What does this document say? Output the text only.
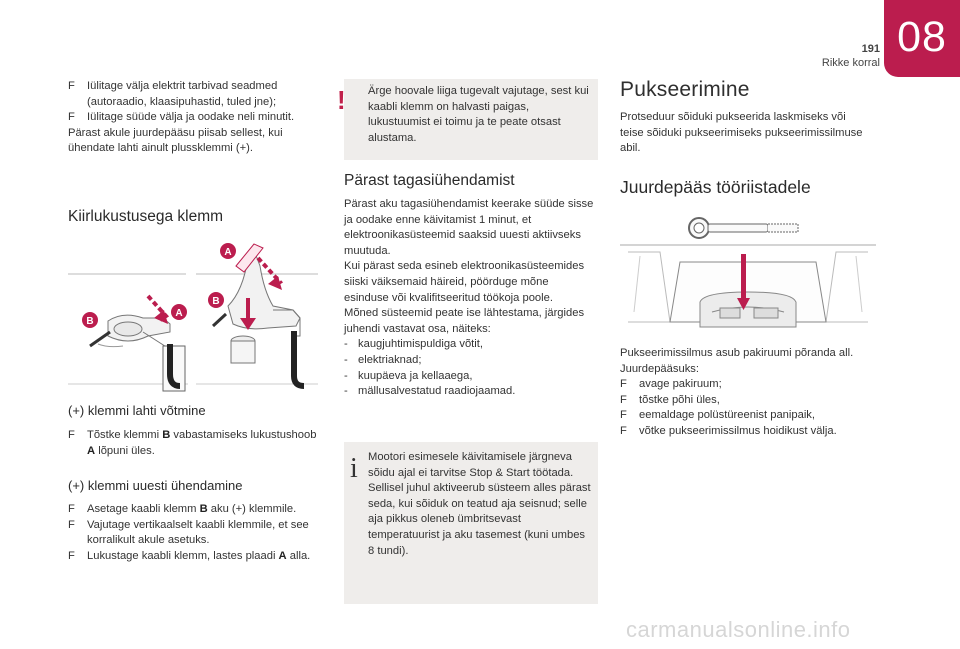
08
191
Rikke korral
F	Iülitage välja elektrit tarbivad seadmed (autoraadio, klaasipuhastid, tuled jne);
F	Iülitage süüde välja ja oodake neli minutit.
Pärast akule juurdepääsu piisab sellest, kui ühendate lahti ainult plussklemmi (+).
Kiirlukustusega klemm
B
A
A
B
(+) klemmi lahti võtmine
F	Tõstke klemmi B vabastamiseks lukustushoob A lõpuni üles.
(+) klemmi uuesti ühendamine
F	Asetage kaabli klemm B aku (+) klemmile.
F	Vajutage vertikaalselt kaabli klemmile, et see korralikult akule asetuks.
F	Lukustage kaabli klemm, lastes plaadi A alla.
! Ärge hoovale liiga tugevalt vajutage, sest kui kaabli klemm on halvasti paigas, lukustuumist ei toimu ja te peate otsast alustama.
Pärast tagasiühendamist
Pärast aku tagasiühendamist keerake süüde sisse ja oodake enne käivitamist 1 minut, et elektroonikasüsteemid saaksid uuesti aktiivseks muutuda.
Kui pärast seda esineb elektroonikasüsteemides siiski väiksemaid häireid, pöörduge mõne esinduse või kvalifitseeritud töökoja poole.
Mõned süsteemid peate ise lähtestama, järgides juhendi vastavat osa, näiteks:
- kaugjuhtimispuldiga võtit,
- elektriaknad;
- kuupäeva ja kellaaega,
- mällusalvestatud raadiojaamad.
i Mootori esimesele käivitamisele järgneva sõidu ajal ei tarvitse Stop & Start töötada. Sellisel juhul aktiveerub süsteem alles pärast seda, kui sõiduk on teatud aja seisnud; selle aja pikkus oleneb ümbritsevast temperatuurist ja aku tasemest (kuni umbes 8 tundi).
Pukseerimine
Protseduur sõiduki pukseerida laskmiseks või teise sõiduki pukseerimiseks pukseerimissilmuse abil.
Juurdepääs tööriistadele
Pukseerimissilmus asub pakiruumi põranda all.
Juurdepääsuks:
F	avage pakiruum;
F	tõstke põhi üles,
F	eemaldage polüstüreenist panipaik,
F	võtke pukseerimissilmus hoidikust välja.
carmanualsonline.info
